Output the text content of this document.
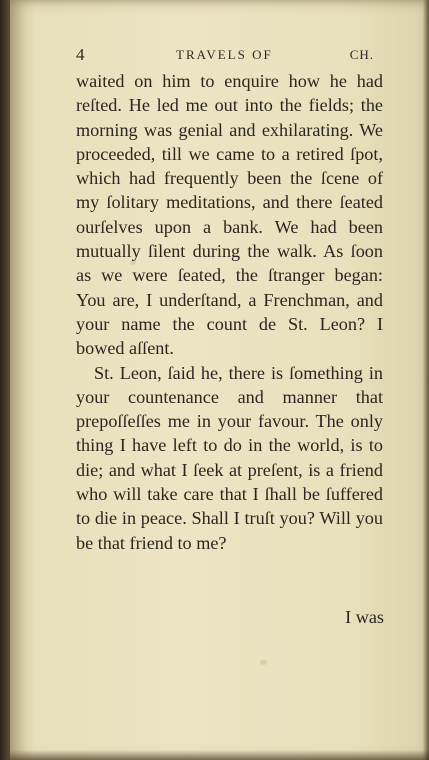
4	TRAVELS OF	CH.

waited on him to enquire how he had reſted. He led me out into the fields; the morning was genial and exhilarating. We proceeded, till we came to a retired ſpot, which had frequently been the ſcene of my ſolitary meditations, and there ſeated ourſelves upon a bank. We had been mutually ſilent during the walk. As ſoon as we were ſeated, the ſtranger began: You are, I underſtand, a Frenchman, and your name the count de St. Leon? I bowed aſſent.

St. Leon, ſaid he, there is ſomething in your countenance and manner that prepoſſeſſes me in your favour. The only thing I have left to do in the world, is to die; and what I ſeek at preſent, is a friend who will take care that I ſhall be ſuffered to die in peace. Shall I truſt you? Will you be that friend to me?

I was
